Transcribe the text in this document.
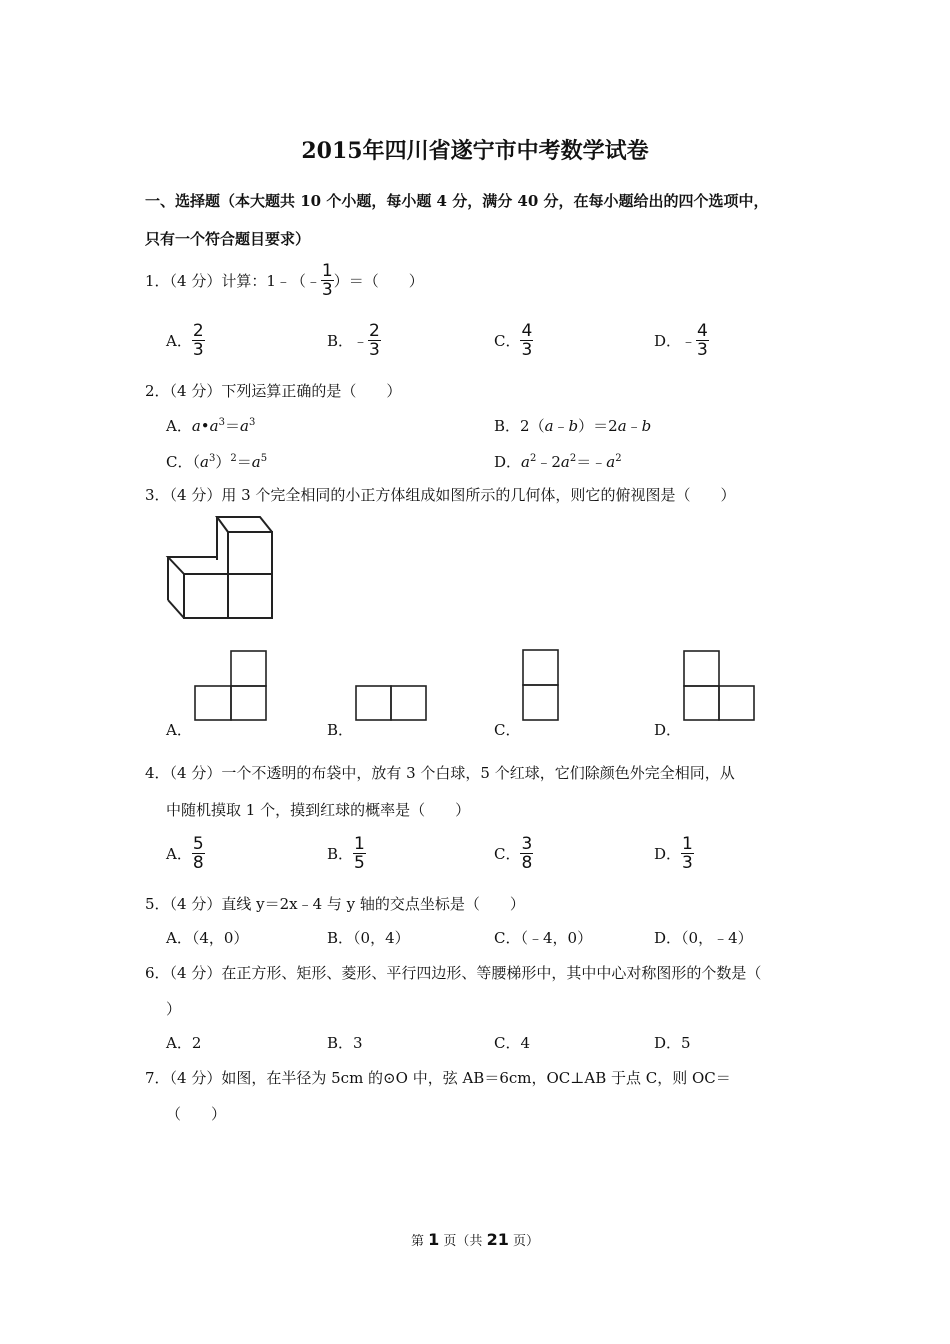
2015年四川省遂宁市中考数学试卷
一、选择题（本大题共 10 个小题，每小题 4 分，满分 40 分，在每小题给出的四个选项中，
只有一个符合题目要求）
1．（4 分）计算：1﹣（﹣ $\frac{1}{3}$ ）＝（　　）
A． $\frac{2}{3}$	B．﹣ $\frac{2}{3}$	C． $\frac{4}{3}$	D．﹣ $\frac{4}{3}$
2．（4 分）下列运算正确的是（　　）
A．$a•a^3=a^3$	B．2（a﹣b）＝2a﹣b
C．$(a^3)^2=a^5$	D．$a^2﹣2a^2=﹣a^2$
3．（4 分）用 3 个完全相同的小正方体组成如图所示的几何体，则它的俯视图是（　　）
A．	B．	C．	D．
4．（4 分）一个不透明的布袋中，放有 3 个白球，5 个红球，它们除颜色外完全相同，从
中随机摸取 1 个，摸到红球的概率是（　　）
A． $\frac{5}{8}$	B． $\frac{1}{5}$	C． $\frac{3}{8}$	D． $\frac{1}{3}$
5．（4 分）直线 y＝2x﹣4 与 y 轴的交点坐标是（　　）
A．（4，0）	B．（0，4）	C．（﹣4，0）	D．（0，﹣4）
6．（4 分）在正方形、矩形、菱形、平行四边形、等腰梯形中，其中中心对称图形的个数是（
）
A．2	B．3	C．4	D．5
7．（4 分）如图，在半径为 5cm 的⊙O 中，弦 AB＝6cm，OC⊥AB 于点 C，则 OC＝
（　　）
第 1 页（共 21 页）
